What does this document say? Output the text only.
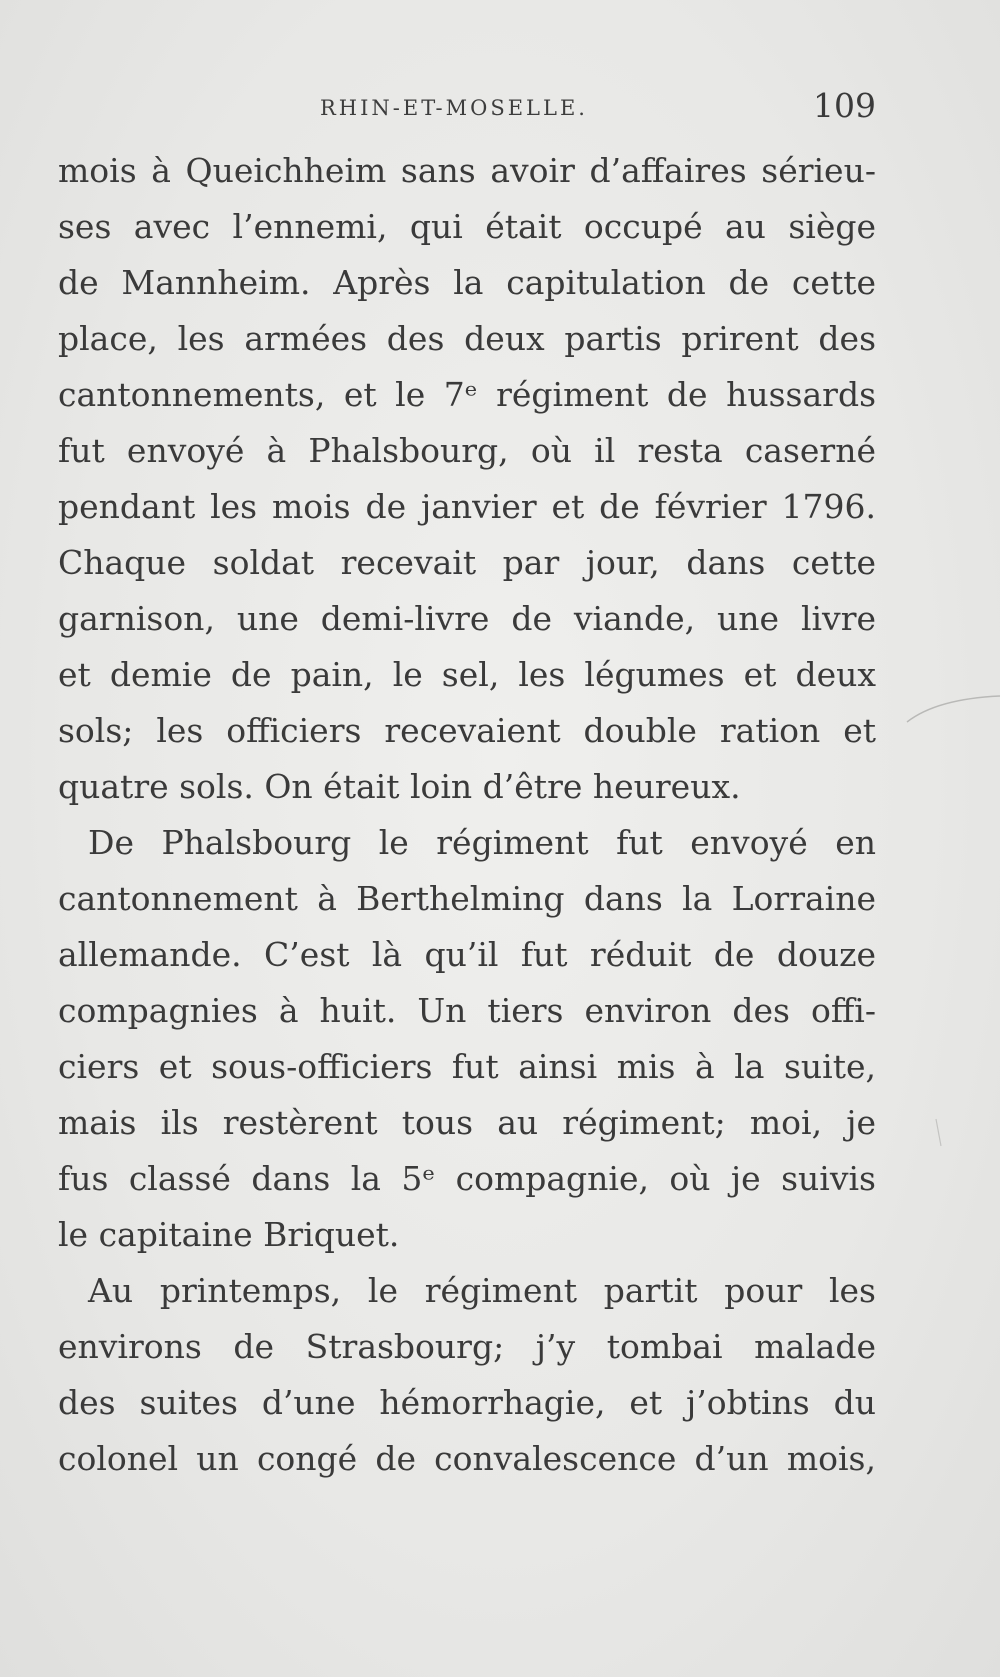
RHIN-ET-MOSELLE.	109
mois à Queichheim sans avoir d’affaires sérieu-
ses avec l’ennemi, qui était occupé au siège
de Mannheim. Après la capitulation de cette
place, les armées des deux partis prirent des
cantonnements, et le 7ᵉ régiment de hussards
fut envoyé à Phalsbourg, où il resta caserné
pendant les mois de janvier et de février 1796.
Chaque soldat recevait par jour, dans cette
garnison, une demi-livre de viande, une livre
et demie de pain, le sel, les légumes et deux
sols; les officiers recevaient double ration et
quatre sols. On était loin d’être heureux.
De Phalsbourg le régiment fut envoyé en
cantonnement à Berthelming dans la Lorraine
allemande. C’est là qu’il fut réduit de douze
compagnies à huit. Un tiers environ des offi-
ciers et sous-officiers fut ainsi mis à la suite,
mais ils restèrent tous au régiment; moi, je
fus classé dans la 5ᵉ compagnie, où je suivis
le capitaine Briquet.
Au printemps, le régiment partit pour les
environs de Strasbourg; j’y tombai malade
des suites d’une hémorrhagie, et j’obtins du
colonel un congé de convalescence d’un mois,
